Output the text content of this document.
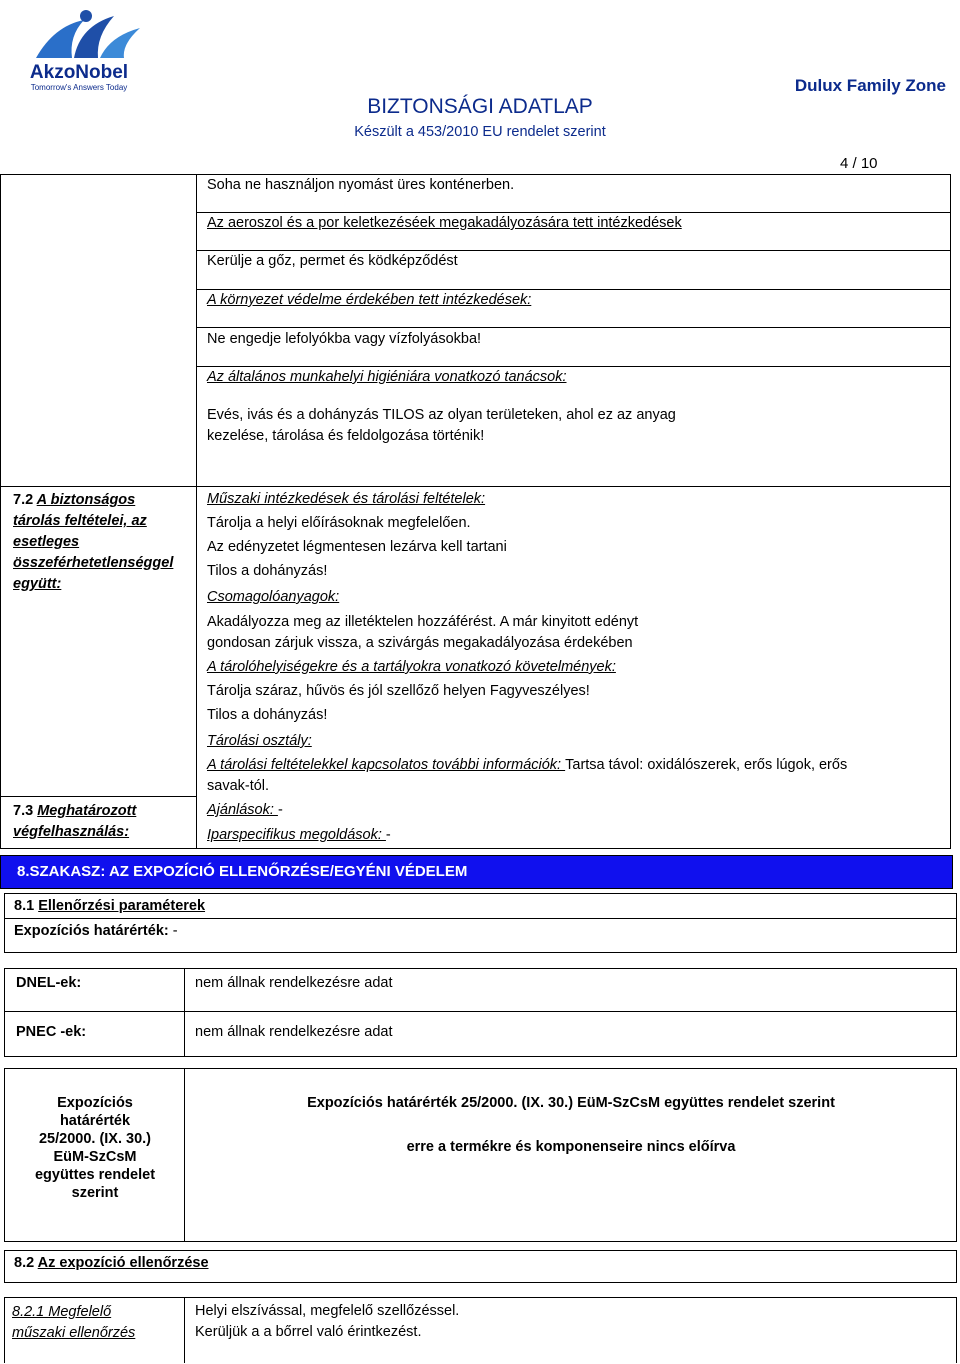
AkzoNobel
Tomorrow's Answers Today
BIZTONSÁGI ADATLAP
Készült a 453/2010 EU rendelet szerint
Dulux Family Zone
4 / 10
Soha ne használjon nyomást üres konténerben.
Az aeroszol és a por keletkezéséek megakadályozására tett intézkedések
Kerülje a gőz, permet és ködképződést
A környezet védelme érdekében tett intézkedések:
Ne engedje lefolyókba vagy vízfolyásokba!
Az általános munkahelyi higiéniára vonatkozó tanácsok:
Evés, ivás és a dohányzás TILOS az olyan területeken, ahol ez az anyag
kezelése, tárolása és feldolgozása történik!
7.2 A biztonságos
tárolás feltételei, az
esetleges
összeférhetetlenséggel
együtt:
Műszaki intézkedések és tárolási feltételek:
Tárolja a helyi előírásoknak megfelelően.
Az edényzetet légmentesen lezárva kell tartani
Tilos a dohányzás!
Csomagolóanyagok:
Akadályozza meg az illetéktelen hozzáférést. A már kinyitott edényt
gondosan zárjuk vissza, a szivárgás megakadályozása érdekében
A tárolóhelyiségekre és a tartályokra vonatkozó követelmények:
Tárolja száraz, hűvös és jól szellőző helyen Fagyveszélyes!
Tilos a dohányzás!
Tárolási osztály:
A tárolási feltételekkel kapcsolatos további információk: Tartsa távol: oxidálószerek, erős lúgok, erős
savak-tól.
7.3 Meghatározott
végfelhasználás:
Ajánlások: -
Iparspecifikus megoldások: -
8.SZAKASZ: AZ EXPOZÍCIÓ ELLENŐRZÉSE/EGYÉNI VÉDELEM
8.1 Ellenőrzési paraméterek
Expozíciós határérték: -
DNEL-ek:	nem állnak rendelkezésre adat
PNEC -ek:	nem állnak rendelkezésre adat
Expozíciós
határérték
25/2000. (IX. 30.)
EüM-SzCsM
együttes rendelet
szerint
Expozíciós határérték 25/2000. (IX. 30.) EüM-SzCsM együttes rendelet szerint
erre a termékre és komponenseire nincs előírva
8.2 Az expozíció ellenőrzése
8.2.1 Megfelelő
műszaki ellenőrzés
Helyi elszívással, megfelelő szellőzéssel.
Kerüljük a a bőrrel való érintkezést.
